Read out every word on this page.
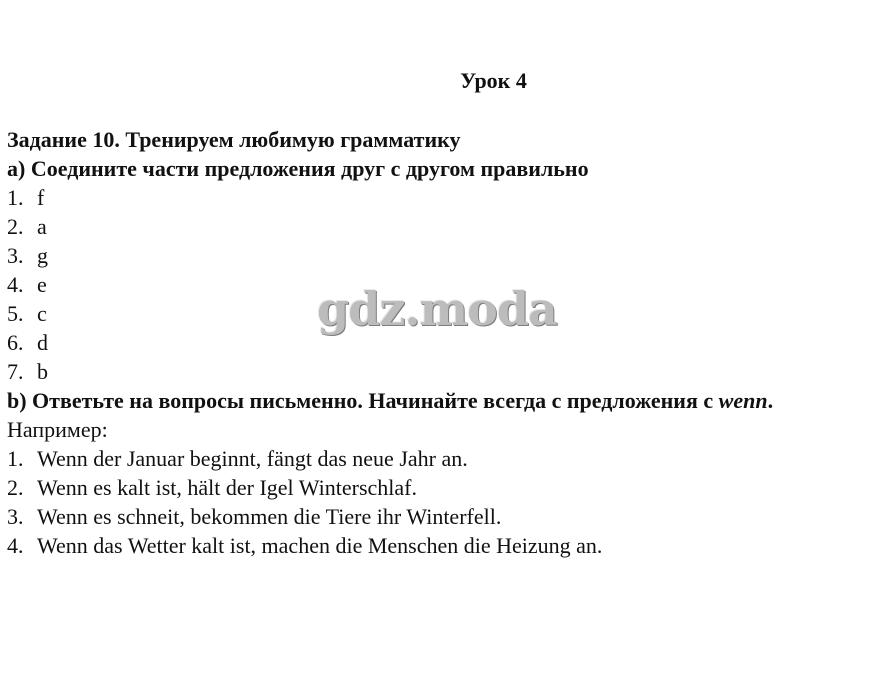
Урок 4
Задание 10. Тренируем любимую грамматику
a) Соедините части предложения друг с другом правильно
1. f
2. a
3. g
4. e
5. c
6. d
7. b
b) Ответьте на вопросы письменно. Начинайте всегда с предложения с wenn.
Например:
1. Wenn der Januar beginnt, fängt das neue Jahr an.
2. Wenn es kalt ist, hält der Igel Winterschlaf.
3. Wenn es schneit, bekommen die Tiere ihr Winterfell.
4. Wenn das Wetter kalt ist, machen die Menschen die Heizung an.
gdz.moda
